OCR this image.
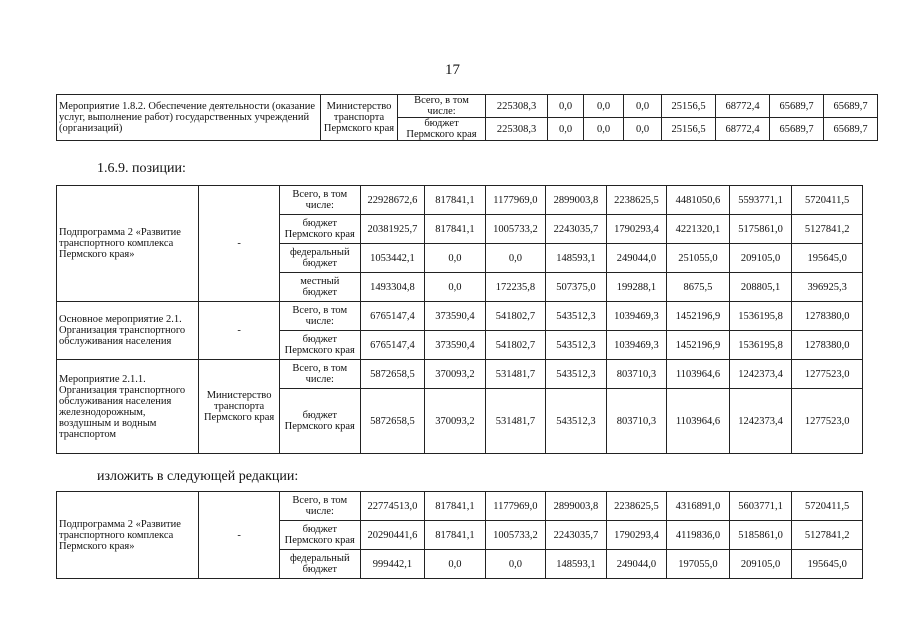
17
Мероприятие 1.8.2. Обеспечение деятельности (оказание услуг, выполнение работ) государственных учреждений (организаций)	Министерство транспорта Пермского края	Всего, в том числе:	225308,3	0,0	0,0	0,0	25156,5	68772,4	65689,7	65689,7
		бюджет Пермского края	225308,3	0,0	0,0	0,0	25156,5	68772,4	65689,7	65689,7
1.6.9. позиции:
Подпрограмма 2 «Развитие транспортного комплекса Пермского края»	-	Всего, в том числе:	22928672,6	817841,1	1177969,0	2899003,8	2238625,5	4481050,6	5593771,1	5720411,5
		бюджет Пермского края	20381925,7	817841,1	1005733,2	2243035,7	1790293,4	4221320,1	5175861,0	5127841,2
		федеральный бюджет	1053442,1	0,0	0,0	148593,1	249044,0	251055,0	209105,0	195645,0
		местный бюджет	1493304,8	0,0	172235,8	507375,0	199288,1	8675,5	208805,1	396925,3
Основное мероприятие 2.1. Организация транспортного обслуживания населения	-	Всего, в том числе:	6765147,4	373590,4	541802,7	543512,3	1039469,3	1452196,9	1536195,8	1278380,0
		бюджет Пермского края	6765147,4	373590,4	541802,7	543512,3	1039469,3	1452196,9	1536195,8	1278380,0
Мероприятие 2.1.1. Организация транспортного обслуживания населения железнодорожным, воздушным и водным транспортом	Министерство транспорта Пермского края	Всего, в том числе:	5872658,5	370093,2	531481,7	543512,3	803710,3	1103964,6	1242373,4	1277523,0
		бюджет Пермского края	5872658,5	370093,2	531481,7	543512,3	803710,3	1103964,6	1242373,4	1277523,0
изложить в следующей редакции:
Подпрограмма 2 «Развитие транспортного комплекса Пермского края»	-	Всего, в том числе:	22774513,0	817841,1	1177969,0	2899003,8	2238625,5	4316891,0	5603771,1	5720411,5
		бюджет Пермского края	20290441,6	817841,1	1005733,2	2243035,7	1790293,4	4119836,0	5185861,0	5127841,2
		федеральный бюджет	999442,1	0,0	0,0	148593,1	249044,0	197055,0	209105,0	195645,0
